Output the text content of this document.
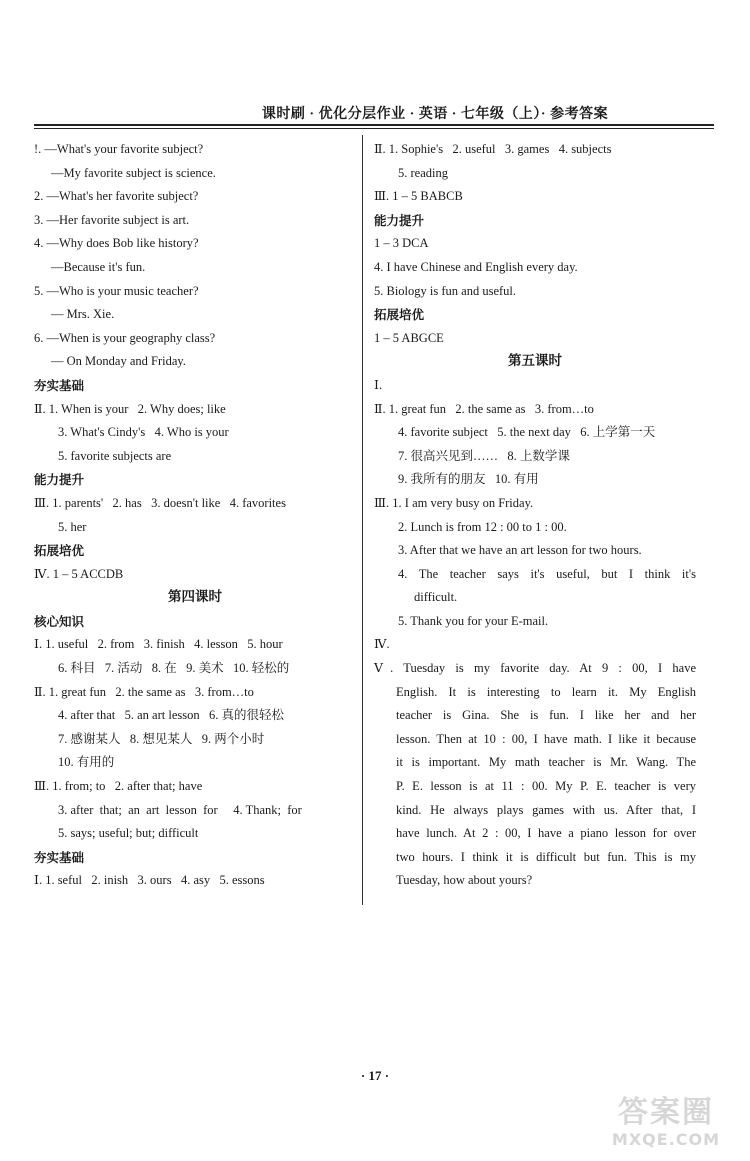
课时刷 · 优化分层作业 · 英语 · 七年级（上）· 参考答案
!. —What's your favorite subject?
—My favorite subject is science.
2. —What's her favorite subject?
3. —Her favorite subject is art.
4. —Why does Bob like history?
—Because it's fun.
5. —Who is your music teacher?
— Mrs. Xie.
6. —When is your geography class?
— On Monday and Friday.
夯实基础
Ⅱ. 1. When is your   2. Why does; like
3. What's Cindy's   4. Who is your
5. favorite subjects are
能力提升
Ⅲ. 1. parents'   2. has   3. doesn't like   4. favorites
5. her
拓展培优
Ⅳ. 1 – 5 ACCDB
第四课时
核心知识
Ⅰ. 1. useful   2. from   3. finish   4. lesson   5. hour
6. 科目   7. 活动   8. 在   9. 美术   10. 轻松的
Ⅱ. 1. great fun   2. the same as   3. from…to
4. after that   5. an art lesson   6. 真的很轻松
7. 感谢某人   8. 想见某人   9. 两个小时
10. 有用的
Ⅲ. 1. from; to   2. after that; have
3. after  that;  an  art  lesson  for     4. Thank;  for
5. says; useful; but; difficult
夯实基础
Ⅰ. 1. seful   2. inish   3. ours   4. asy   5. essons
Ⅱ. 1. Sophie's   2. useful   3. games   4. subjects
5. reading
Ⅲ. 1 – 5 BABCB
能力提升
1 – 3 DCA
4. I have Chinese and English every day.
5. Biology is fun and useful.
拓展培优
1 – 5 ABGCE
第五课时
Ⅰ.
Ⅱ. 1. great fun   2. the same as   3. from…to
4. favorite subject   5. the next day   6. 上学第一天
7. 很高兴见到……   8. 上数学课
9. 我所有的朋友   10. 有用
Ⅲ. 1. I am very busy on Friday.
2. Lunch is from 12 : 00 to 1 : 00.
3. After that we have an art lesson for two hours.
4. The teacher says it's useful, but I think it's
difficult.
5. Thank you for your E-mail.
Ⅳ.
Ⅴ. Tuesday is my favorite day. At 9 : 00, I have
English. It is interesting to learn it. My English
teacher is Gina. She is fun. I like her and her
lesson. Then at 10 : 00, I have math. I like it because
it is important. My math teacher is Mr. Wang. The
P. E. lesson is at 11 : 00. My P. E. teacher is very
kind. He always plays games with us. After that, I
have lunch. At 2 : 00, I have a piano lesson for over
two hours. I think it is difficult but fun. This is my
Tuesday, how about yours?
· 17 ·
答案圈
MXQE.COM
